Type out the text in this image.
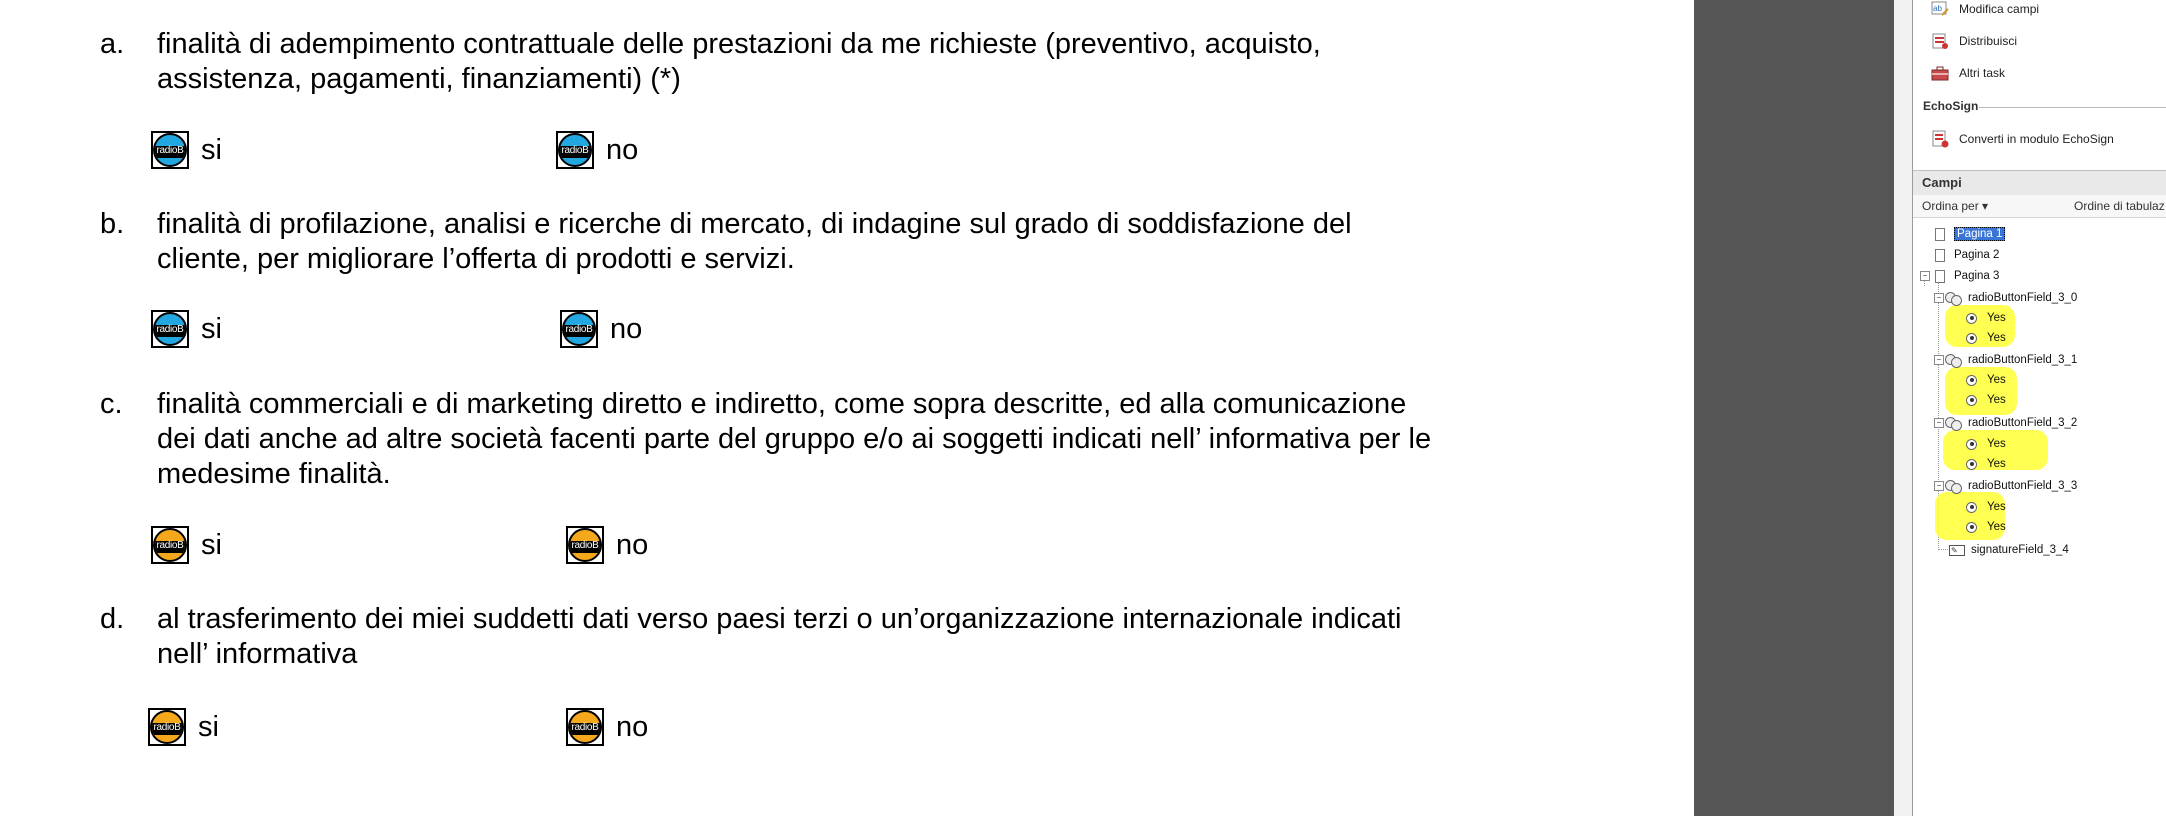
a. finalità di adempimento contrattuale delle prestazioni da me richieste (preventivo, acquisto,
assistenza, pagamenti, finanziamenti) (*)
radioB si	radioB no
b. finalità di profilazione, analisi e ricerche di mercato, di indagine sul grado di soddisfazione del
cliente, per migliorare l’offerta di prodotti e servizi.
radioB si	radioB no
c. finalità commerciali e di marketing diretto e indiretto, come sopra descritte, ed alla comunicazione
dei dati anche ad altre società facenti parte del gruppo e/o ai soggetti indicati nell’ informativa per le
medesime finalità.
radioB si	radioB no
d. al trasferimento dei miei suddetti dati verso paesi terzi o un’organizzazione internazionale indicati
nell’ informativa
radioB si	radioB no
ab Modifica campi
Distribuisci
Altri task
EchoSign
Converti in modulo EchoSign
Campi
Ordina per ▾	Ordine di tabulaz
Pagina 1
Pagina 2
− Pagina 3
− radioButtonField_3_0
Yes
Yes
− radioButtonField_3_1
Yes
Yes
− radioButtonField_3_2
Yes
Yes
− radioButtonField_3_3
Yes
Yes
✎	signatureField_3_4
